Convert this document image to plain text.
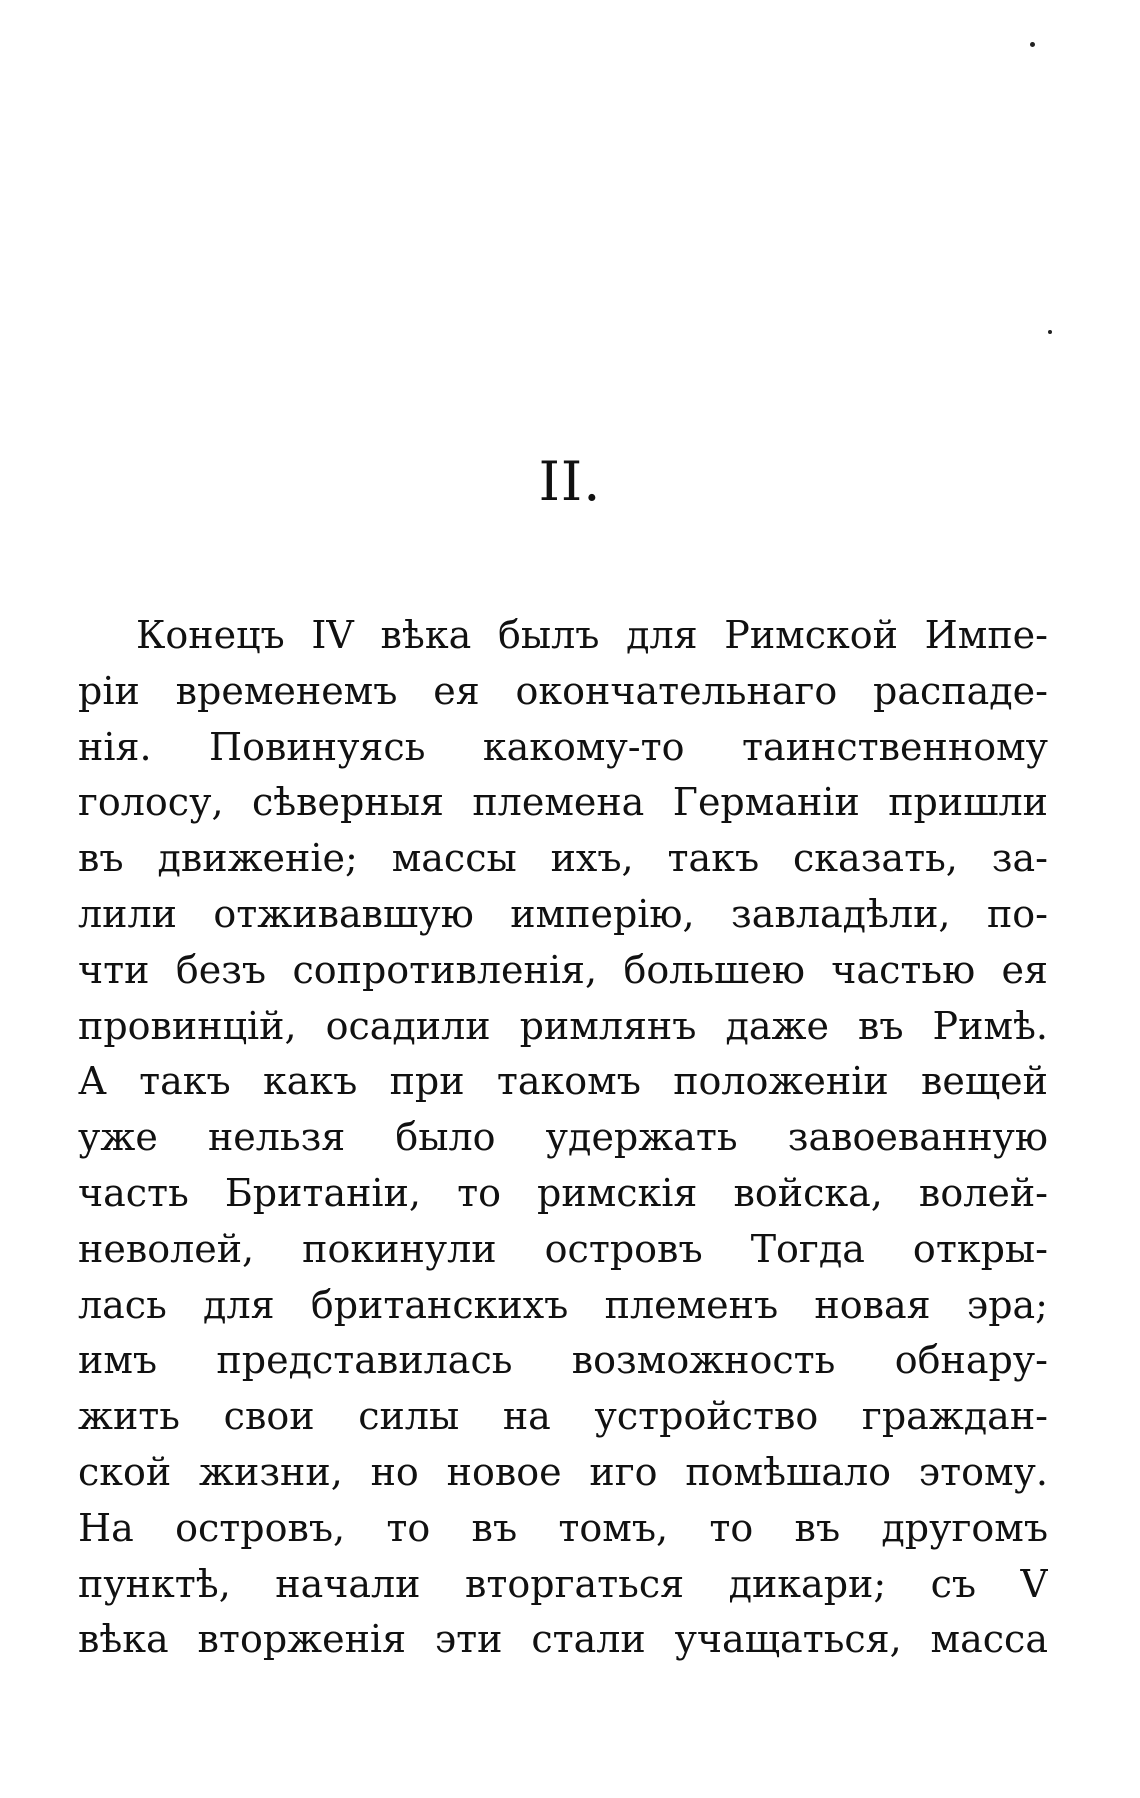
II.
Конецъ IV вѣка былъ для Римской Импе-
ріи временемъ ея окончательнаго распаде-
нія. Повинуясь какому-то таинственному
голосу, сѣверныя племена Германіи пришли
въ движеніе; массы ихъ, такъ сказать, за-
лили отживавшую имперію, завладѣли, по-
чти безъ сопротивленія, большею частью ея
провинцій, осадили римлянъ даже въ Римѣ.
А такъ какъ при такомъ положеніи вещей
уже нельзя было удержать завоеванную
часть Британіи, то римскія войска, волей-
неволей, покинули островъ Тогда откры-
лась для британскихъ племенъ новая эра;
имъ представилась возможность обнару-
жить свои силы на устройство граждан-
ской жизни, но новое иго помѣшало этому.
На островъ, то въ томъ, то въ другомъ
пунктѣ, начали вторгаться дикари; съ V
вѣка вторженія эти стали учащаться, масса
